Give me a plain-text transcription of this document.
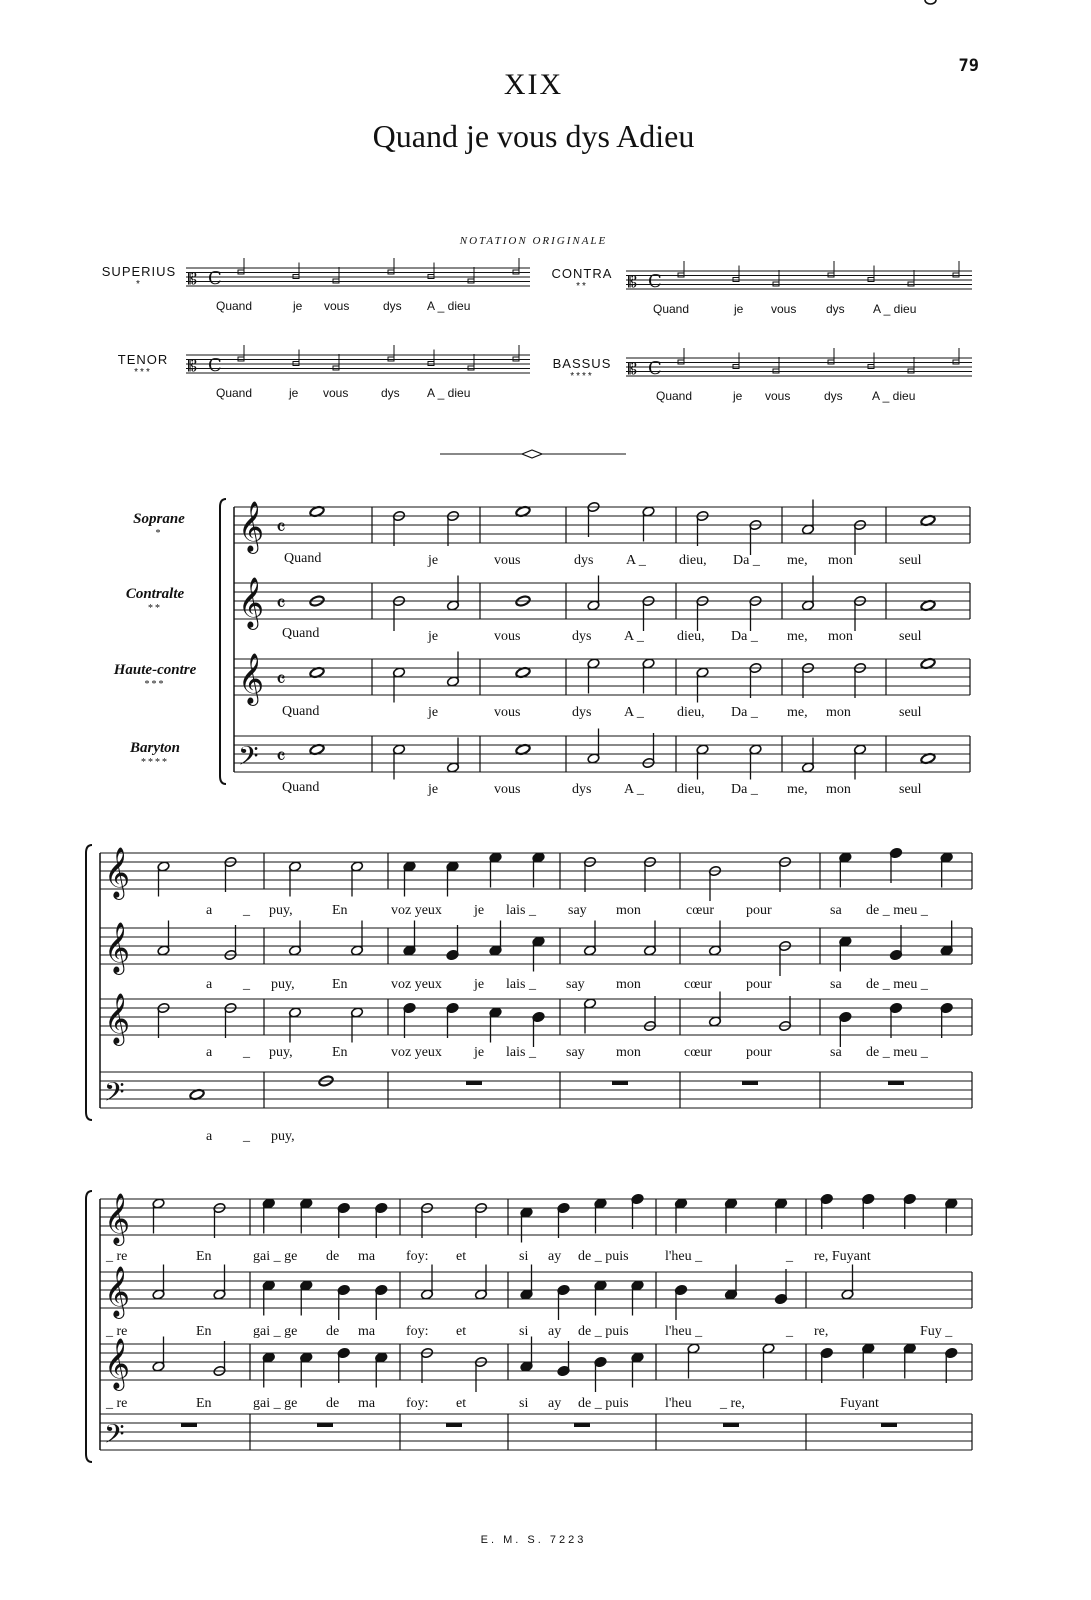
79
XIX
Quand je vous dys Adieu
NOTATION ORIGINALE
SUPERIUS
*
CONTRA
**
TENOR
***
BASSUS
****
Quand	je vous	dys A _ dieu	Quand	je vous dys A _ dieu
Quand	je vous	dys A _ dieu	Quand	je vous	dys A _ dieu
Soprane
*
Contralte
**
Haute-contre
***
Baryton
****
Quand	je	vous	dys A _ dieu, Da _ me, mon	seul
Quand	je	vous	dys A _ dieu, Da _ me, mon	seul
Quand	je	vous	dys A _ dieu, Da _ me, mon	seul
Quand	je	vous	dys A _ dieu, Da _ me, mon	seul
a _ puy,	En	voz yeux je lais _ say mon	cœur pour	sa de _ meu _
a _ puy,	En	voz yeux je lais _ say mon	cœur pour	sa de _ meu _
a _ puy,	En	voz yeux je lais _ say mon	cœur pour	sa de _ meu _
a _ puy,
_ re	En	gai _ ge de ma foy: et	si ay de _ puis	l'heu _	_ re, Fuyant
_ re	En	gai _ ge de ma foy: et	si ay de _ puis	l'heu _	_ re,	Fuy _
_ re	En	gai _ ge de ma foy: et	si ay de _ puis	l'heu _ re,	Fuyant
E. M. S. 7223
𝄡 C	𝄡 C
𝄡 C	𝄡 C
𝄞 𝄴
𝄞 𝄴
𝄞 𝄴
𝄢 𝄴
𝄞
𝄞
𝄞
𝄢
𝄞
𝄞
𝄞
𝄢
